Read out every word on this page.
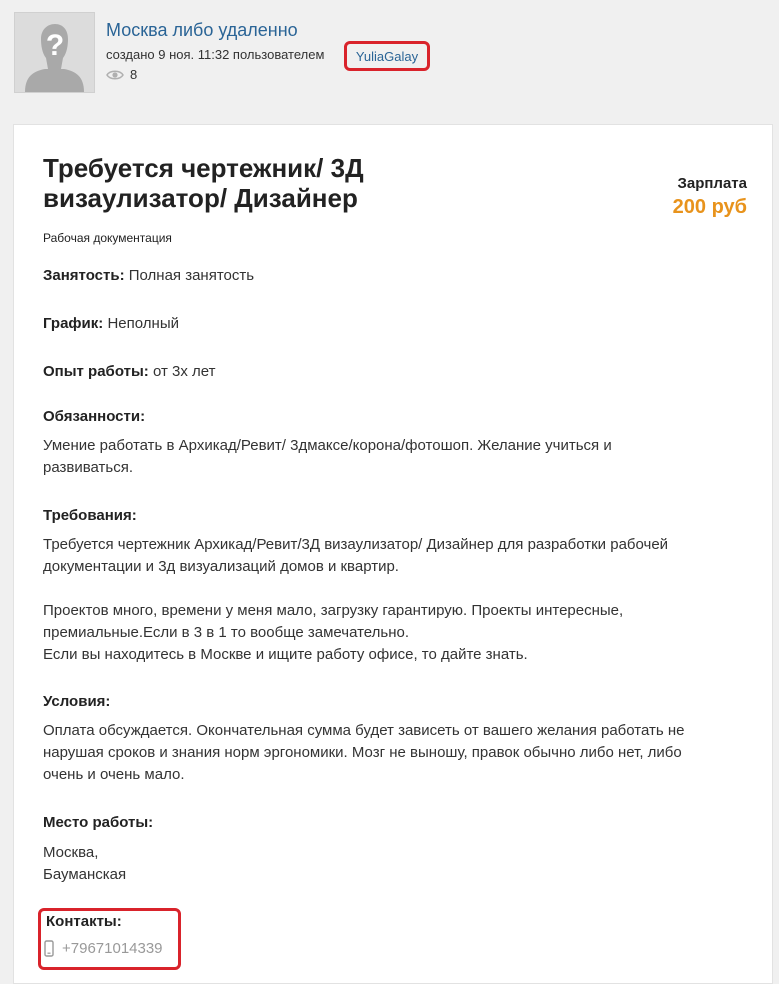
? Москва либо удаленно
создано 9 ноя. 11:32 пользователем	YuliaGalay
8
Требуется чертежник/ 3Д визаулизатор/ Дизайнер	Зарплата
200 руб
Рабочая документация
Занятость: Полная занятость
График: Неполный
Опыт работы: от 3х лет
Обязанности:
Умение работать в Архикад/Ревит/ 3дмаксе/корона/фотошоп. Желание учиться и развиваться.
Требования:
Требуется чертежник Архикад/Ревит/3Д визаулизатор/ Дизайнер для разработки рабочей
документации и 3д визуализаций домов и квартир.
Проектов много, времени у меня мало, загрузку гарантирую. Проекты интересные,
премиальные.Если в 3 в 1 то вообще замечательно.
Если вы находитесь в Москве и ищите работу офисе, то дайте знать.
Условия:
Оплата обсуждается. Окончательная сумма будет зависеть от вашего желания работать не
нарушая сроков и знания норм эргономики. Мозг не выношу, правок обычно либо нет, либо
очень и очень мало.
Место работы:
Москва,
Бауманская
Контакты:
+79671014339
